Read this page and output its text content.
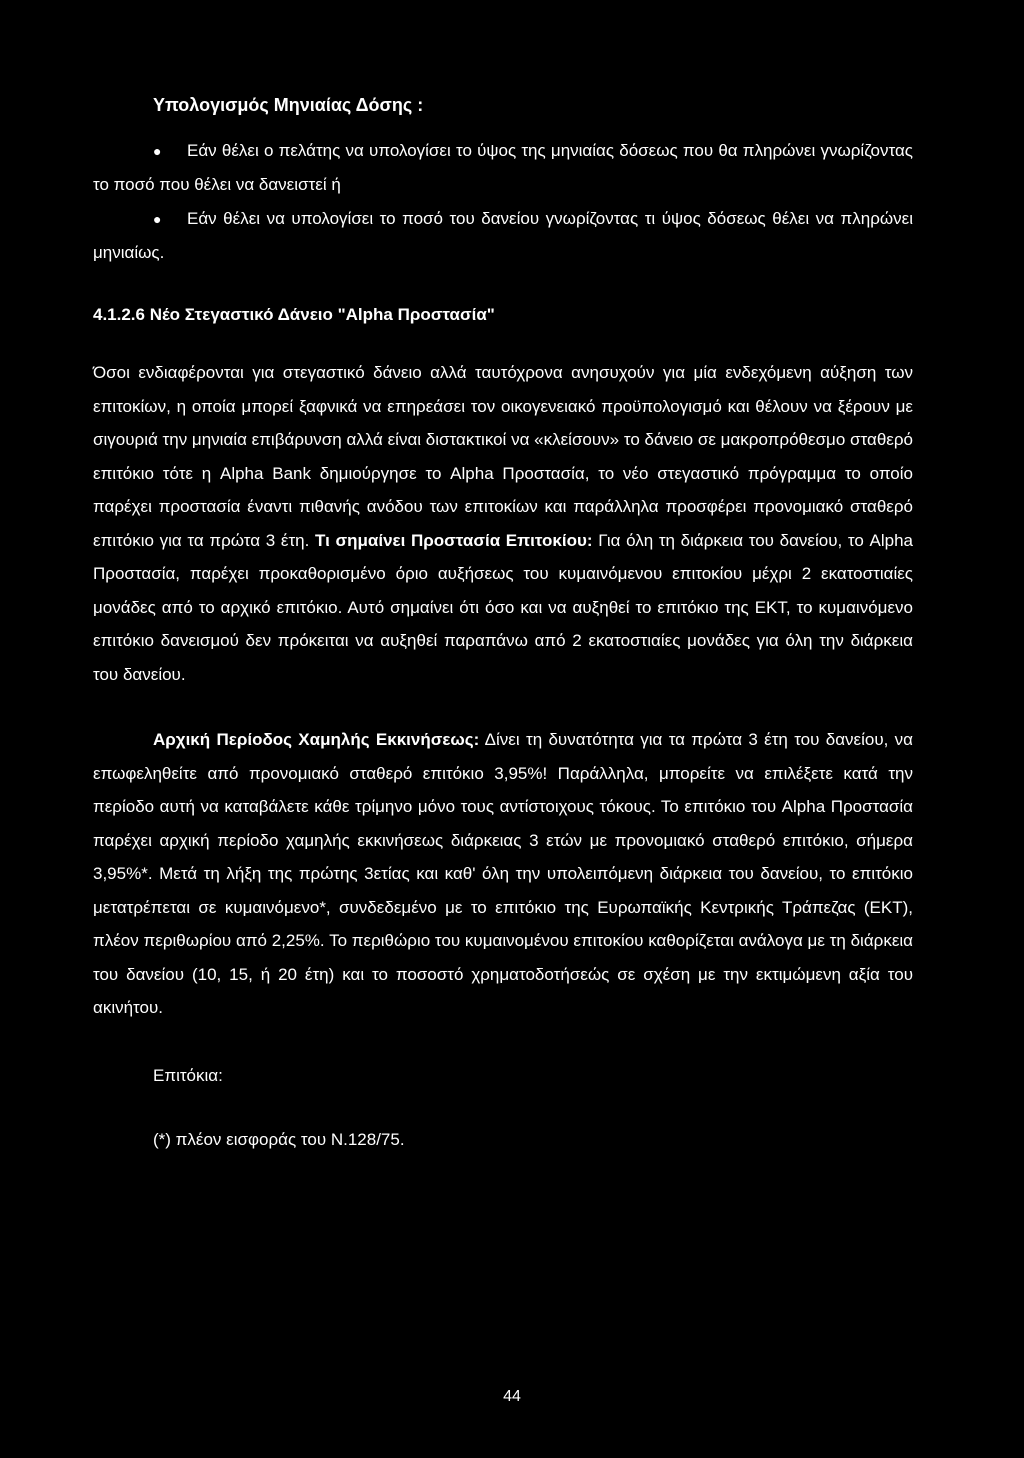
Υπολογισμός Μηνιαίας Δόσης :

● Εάν θέλει ο πελάτης να υπολογίσει το ύψος της μηνιαίας δόσεως που θα πληρώνει γνωρίζοντας το ποσό που θέλει να δανειστεί ή

● Εάν θέλει να υπολογίσει το ποσό του δανείου γνωρίζοντας τι ύψος δόσεως θέλει να πληρώνει μηνιαίως.

4.1.2.6 Νέο Στεγαστικό Δάνειο "Alpha Προστασία"
Όσοι ενδιαφέρονται για στεγαστικό δάνειο αλλά ταυτόχρονα ανησυχούν για μία ενδεχόμενη αύξηση των επιτοκίων, η οποία μπορεί ξαφνικά να επηρεάσει τον οικογενειακό προϋπολογισμό και θέλουν να ξέρουν με σιγουριά την μηνιαία επιβάρυνση αλλά είναι διστακτικοί να «κλείσουν» το δάνειο σε μακροπρόθεσμο σταθερό επιτόκιο τότε η Alpha Bank δημιούργησε το Alpha Προστασία, το νέο στεγαστικό πρόγραμμα το οποίο παρέχει προστασία έναντι πιθανής ανόδου των επιτοκίων και παράλληλα προσφέρει προνομιακό σταθερό επιτόκιο για τα πρώτα 3 έτη. Τι σημαίνει Προστασία Επιτοκίου: Για όλη τη διάρκεια του δανείου, το Alpha Προστασία, παρέχει προκαθορισμένο όριο αυξήσεως του κυμαινόμενου επιτοκίου μέχρι 2 εκατοστιαίες μονάδες από το αρχικό επιτόκιο. Αυτό σημαίνει ότι όσο και να αυξηθεί το επιτόκιο της ΕΚΤ, το κυμαινόμενο επιτόκιο δανεισμού δεν πρόκειται να αυξηθεί παραπάνω από 2 εκατοστιαίες μονάδες για όλη την διάρκεια του δανείου.
Αρχική Περίοδος Χαμηλής Εκκινήσεως: Δίνει τη δυνατότητα για τα πρώτα 3 έτη του δανείου, να επωφεληθείτε από προνομιακό σταθερό επιτόκιο 3,95%! Παράλληλα, μπορείτε να επιλέξετε κατά την περίοδο αυτή να καταβάλετε κάθε τρίμηνο μόνο τους αντίστοιχους τόκους. Το επιτόκιο του Alpha Προστασία παρέχει αρχική περίοδο χαμηλής εκκινήσεως διάρκειας 3 ετών με προνομιακό σταθερό επιτόκιο, σήμερα 3,95%*. Μετά τη λήξη της πρώτης 3ετίας και καθ' όλη την υπολειπόμενη διάρκεια του δανείου, το επιτόκιο μετατρέπεται σε κυμαινόμενο*, συνδεδεμένο με το επιτόκιο της Ευρωπαϊκής Κεντρικής Τράπεζας (ΕΚΤ), πλέον περιθωρίου από 2,25%. Το περιθώριο του κυμαινομένου επιτοκίου καθορίζεται ανάλογα με τη διάρκεια του δανείου (10, 15, ή 20 έτη) και το ποσοστό χρηματοδοτήσεώς σε σχέση με την εκτιμώμενη αξία του ακινήτου.
Επιτόκια:
(*) πλέον εισφοράς του Ν.128/75.
44
